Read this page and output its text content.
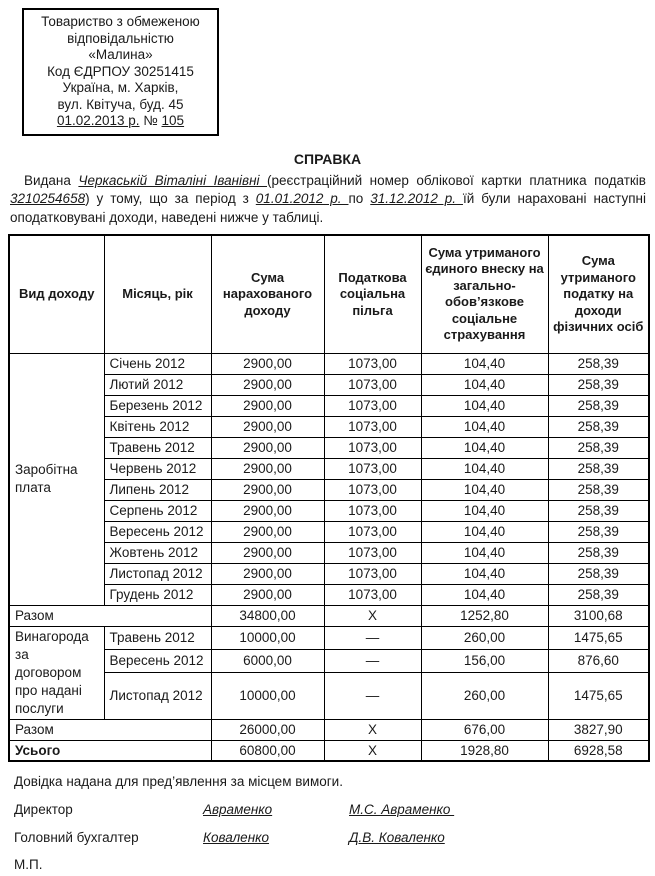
Товариство з обмеженою
відповідальністю
«Малина»
Код ЄДРПОУ 30251415
Україна, м. Харків,
вул. Квітуча, буд. 45
01.02.2013 р. № 105
СПРАВКА

Видана Черкаській Віталіні Іванівні (реєстраційний номер облікової картки платника податків 3210254658) у тому, що за період з 01.01.2012 р. по 31.12.2012 р. їй були нараховані наступні оподатковувані доходи, наведені нижче у таблиці.

Вид доходу	Місяць, рік	Сума нарахованого доходу	Податкова соціальна пільга	Сума утриманого єдиного внеску на загально-обов’язкове соціальне страхування	Сума утриманого податку на доходи фізичних осіб
Заробітна плата	Січень 2012	2900,00	1073,00	104,40	258,39
	Лютий 2012	2900,00	1073,00	104,40	258,39
	Березень 2012	2900,00	1073,00	104,40	258,39
	Квітень 2012	2900,00	1073,00	104,40	258,39
	Травень 2012	2900,00	1073,00	104,40	258,39
	Червень 2012	2900,00	1073,00	104,40	258,39
	Липень 2012	2900,00	1073,00	104,40	258,39
	Серпень 2012	2900,00	1073,00	104,40	258,39
	Вересень 2012	2900,00	1073,00	104,40	258,39
	Жовтень 2012	2900,00	1073,00	104,40	258,39
	Листопад 2012	2900,00	1073,00	104,40	258,39
	Грудень 2012	2900,00	1073,00	104,40	258,39
Разом		34800,00	Х	1252,80	3100,68
Винагорода за договором про надані послуги	Травень 2012	10000,00	—	260,00	1475,65
	Вересень 2012	6000,00	—	156,00	876,60
	Листопад 2012	10000,00	—	260,00	1475,65
Разом		26000,00	Х	676,00	3827,90
Усього		60800,00	Х	1928,80	6928,58

Довідка надана для пред’явлення за місцем вимоги.

Директор	Авраменко	М.С. Авраменко
Головний бухгалтер	Коваленко	Д.В. Коваленко
М.П.
